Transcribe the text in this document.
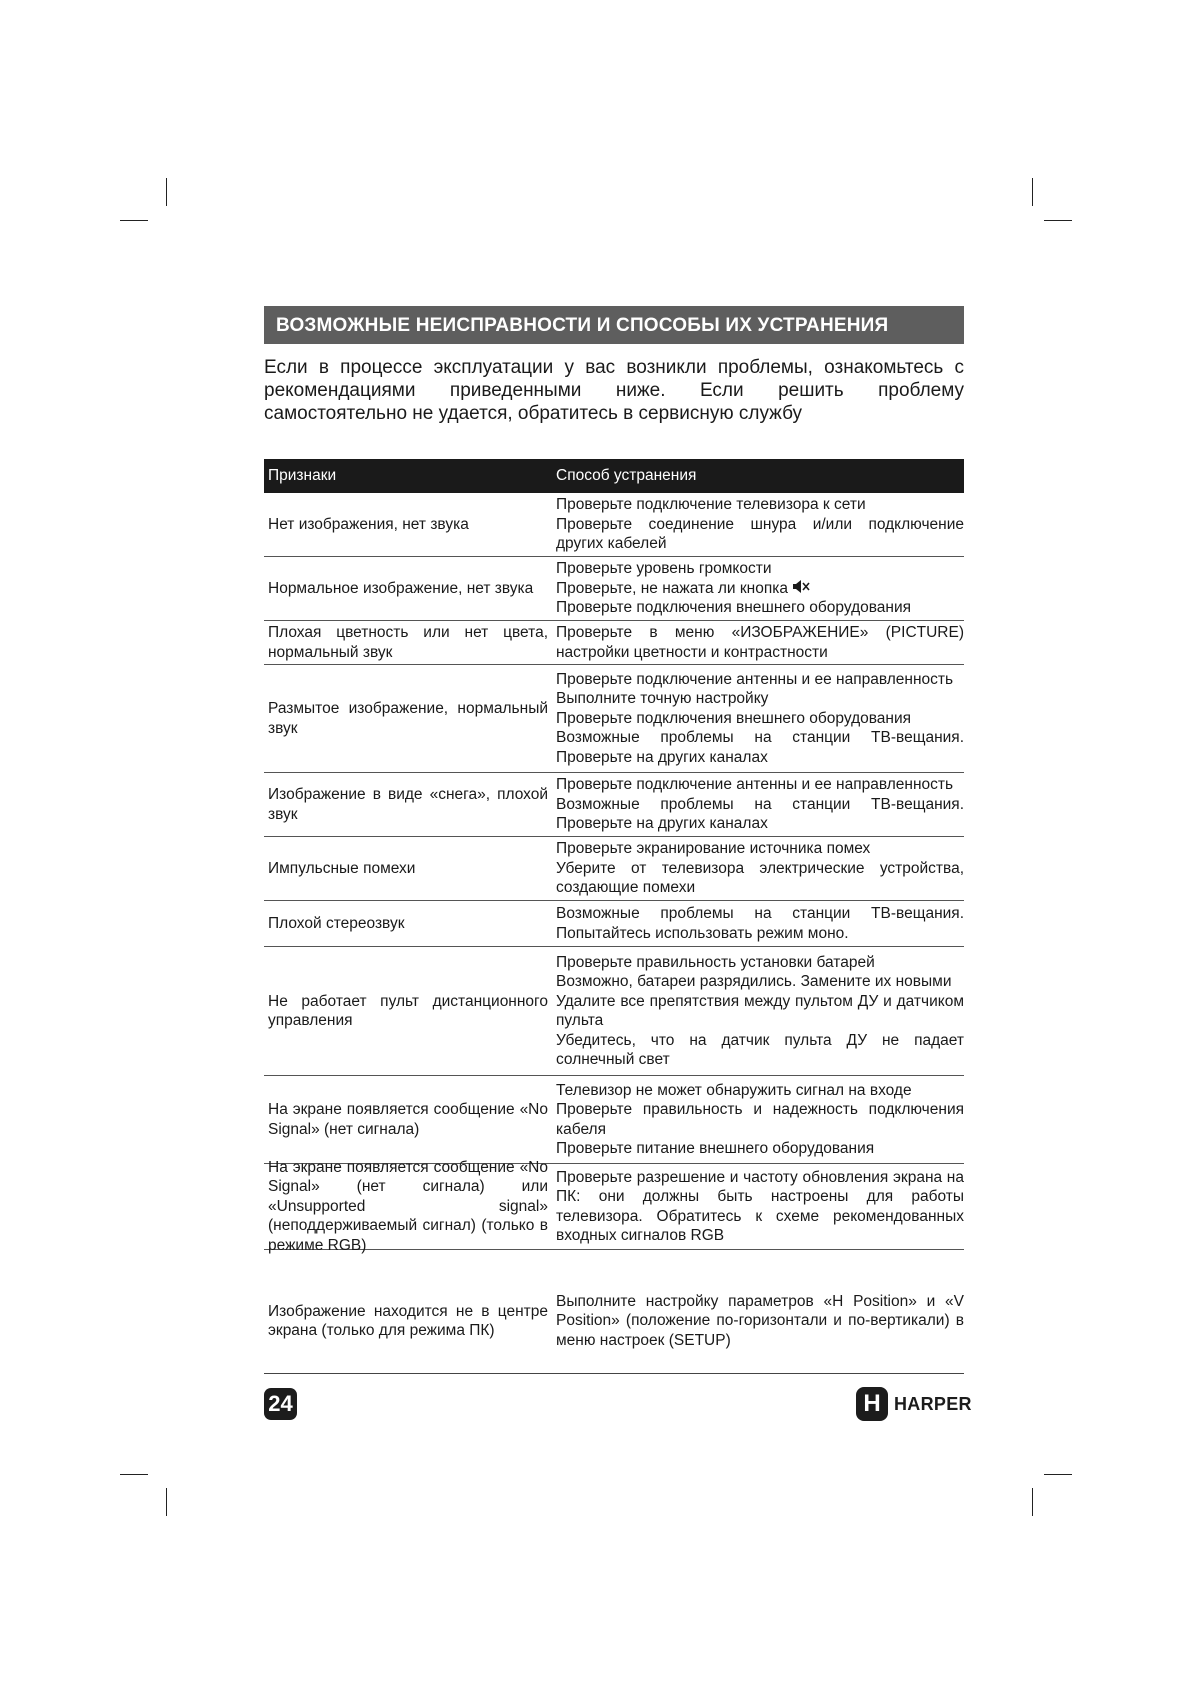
ВОЗМОЖНЫЕ НЕИСПРАВНОСТИ И СПОСОБЫ ИХ УСТРАНЕНИЯ
Если в процессе эксплуатации у вас возникли проблемы, ознакомьтесь с рекомендациями приведенными ниже. Если решить проблему самостоятельно не удается, обратитесь в сервисную службу
Признаки	Способ устранения
Нет изображения, нет звука
Проверьте подключение телевизора к сети
Проверьте соединение шнура и/или подключение других кабелей
Нормальное изображение, нет звука
Проверьте уровень громкости
Проверьте, не нажата ли кнопка
Проверьте подключения внешнего оборудования
Плохая цветность или нет цвета, нормальный звук
Проверьте в меню «ИЗОБРАЖЕНИЕ» (PICTURE) настройки цветности и контрастности
Размытое изображение, нормальный звук
Проверьте подключение антенны и ее направленность
Выполните точную настройку
Проверьте подключения внешнего оборудования
Возможные проблемы на станции ТВ-вещания. Проверьте на других каналах
Изображение в виде «снега», плохой звук
Проверьте подключение антенны и ее направленность
Возможные проблемы на станции ТВ-вещания. Проверьте на других каналах
Импульсные помехи
Проверьте экранирование источника помех
Уберите от телевизора электрические устройства, создающие помехи
Плохой стереозвук
Возможные проблемы на станции ТВ-вещания. Попытайтесь использовать режим моно.
Не работает пульт дистанционного управления
Проверьте правильность установки батарей
Возможно, батареи разрядились. Замените их новыми
Удалите все препятствия между пультом ДУ и датчиком пульта
Убедитесь, что на датчик пульта ДУ не падает солнечный свет
На экране появляется сообщение «No Signal» (нет сигнала)
Телевизор не может обнаружить сигнал на входе
Проверьте правильность и надежность подключения кабеля
Проверьте питание внешнего оборудования
На экране появляется сообщение «No Signal» (нет сигнала) или «Unsupported signal» (неподдерживаемый сигнал) (только в режиме RGB)
Проверьте разрешение и частоту обновления экрана на ПК: они должны быть настроены для работы телевизора. Обратитесь к схеме рекомендованных входных сигналов RGB
Изображение находится не в центре экрана (только для режима ПК)
Выполните настройку параметров «H Position» и «V Position» (положение по-горизонтали и по-вертикали) в меню настроек (SETUP)
24	H HARPER
